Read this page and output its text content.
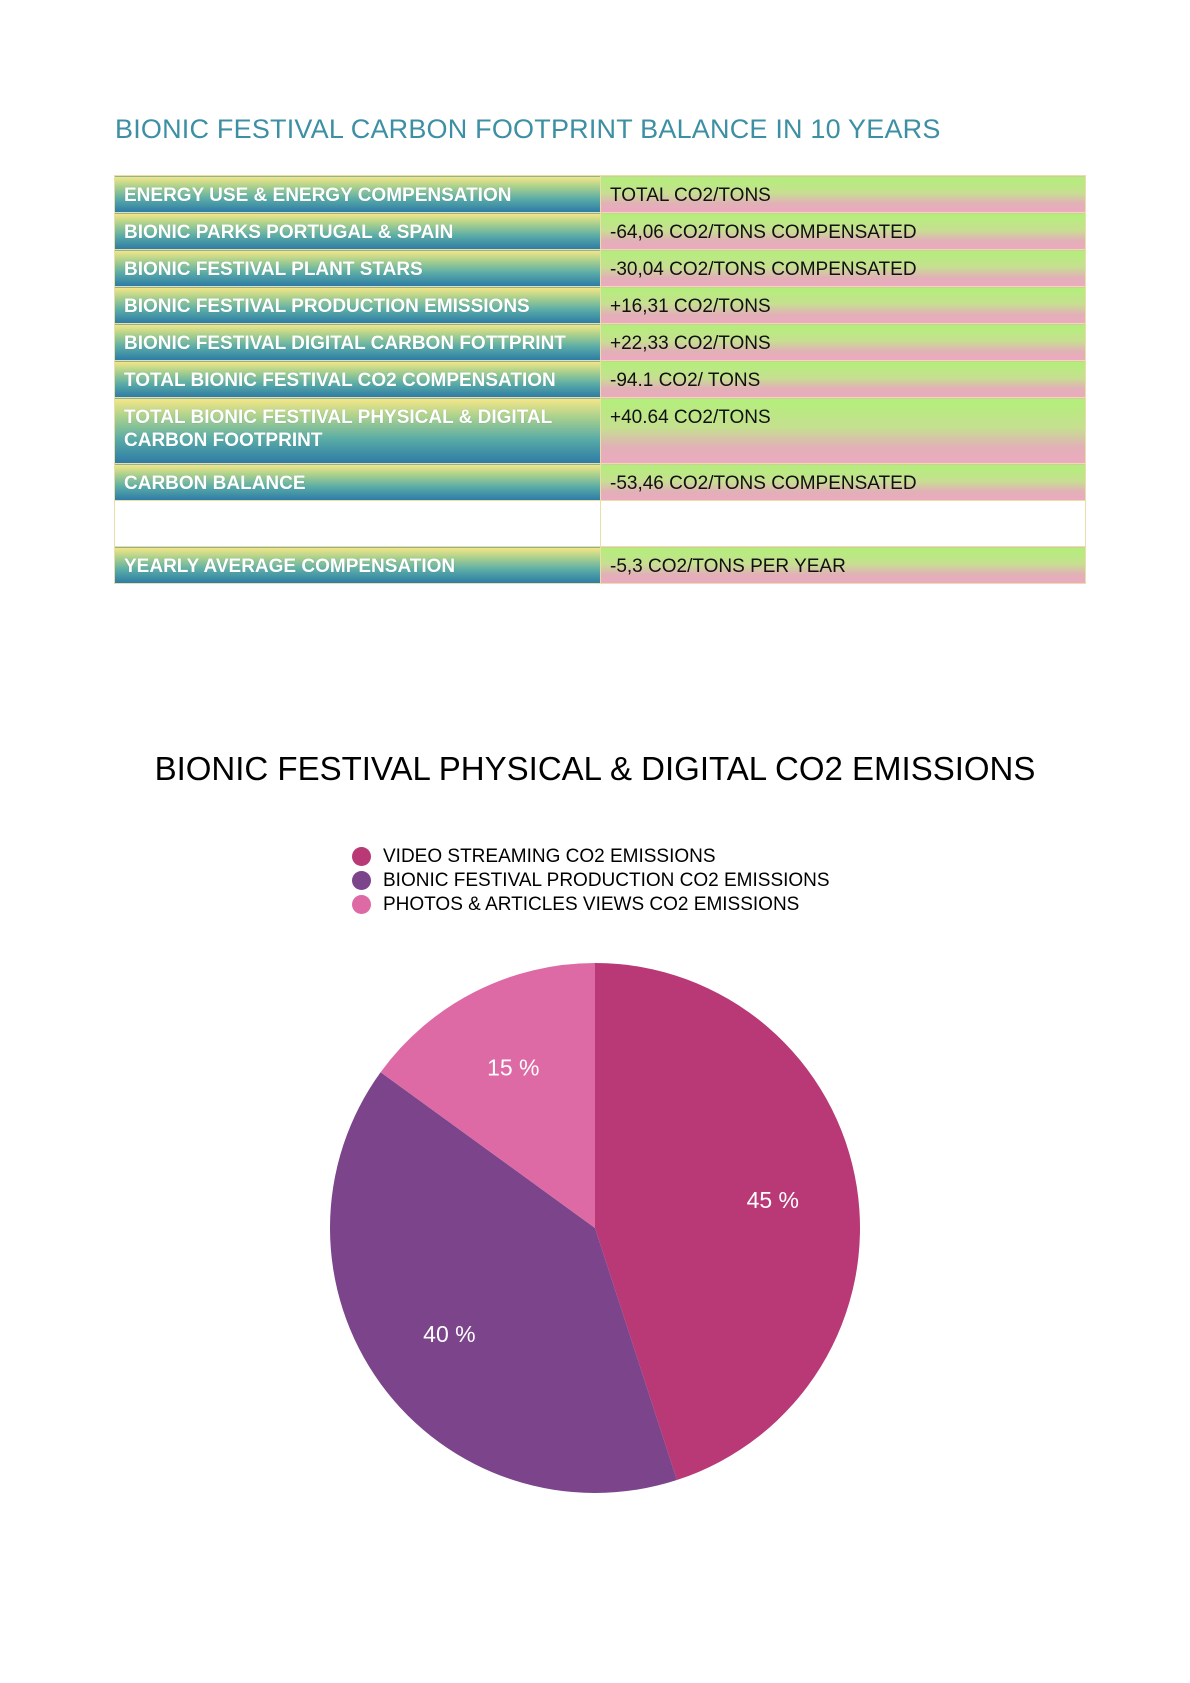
BIONIC FESTIVAL CARBON FOOTPRINT BALANCE IN 10 YEARS
ENERGY USE & ENERGY COMPENSATION	TOTAL CO2/TONS
BIONIC PARKS PORTUGAL & SPAIN	-64,06 CO2/TONS COMPENSATED
BIONIC FESTIVAL PLANT STARS	-30,04 CO2/TONS COMPENSATED
BIONIC FESTIVAL PRODUCTION EMISSIONS	+16,31 CO2/TONS
BIONIC FESTIVAL DIGITAL CARBON FOTTPRINT	+22,33 CO2/TONS
TOTAL BIONIC FESTIVAL CO2 COMPENSATION	-94.1 CO2/ TONS
TOTAL BIONIC FESTIVAL PHYSICAL & DIGITAL CARBON FOOTPRINT	+40.64 CO2/TONS
CARBON BALANCE	-53,46 CO2/TONS COMPENSATED

YEARLY AVERAGE COMPENSATION	-5,3 CO2/TONS PER YEAR
BIONIC FESTIVAL PHYSICAL & DIGITAL CO2 EMISSIONS
VIDEO STREAMING CO2 EMISSIONS
BIONIC FESTIVAL PRODUCTION CO2 EMISSIONS
PHOTOS & ARTICLES VIEWS CO2 EMISSIONS
45 %
40 %
15 %
